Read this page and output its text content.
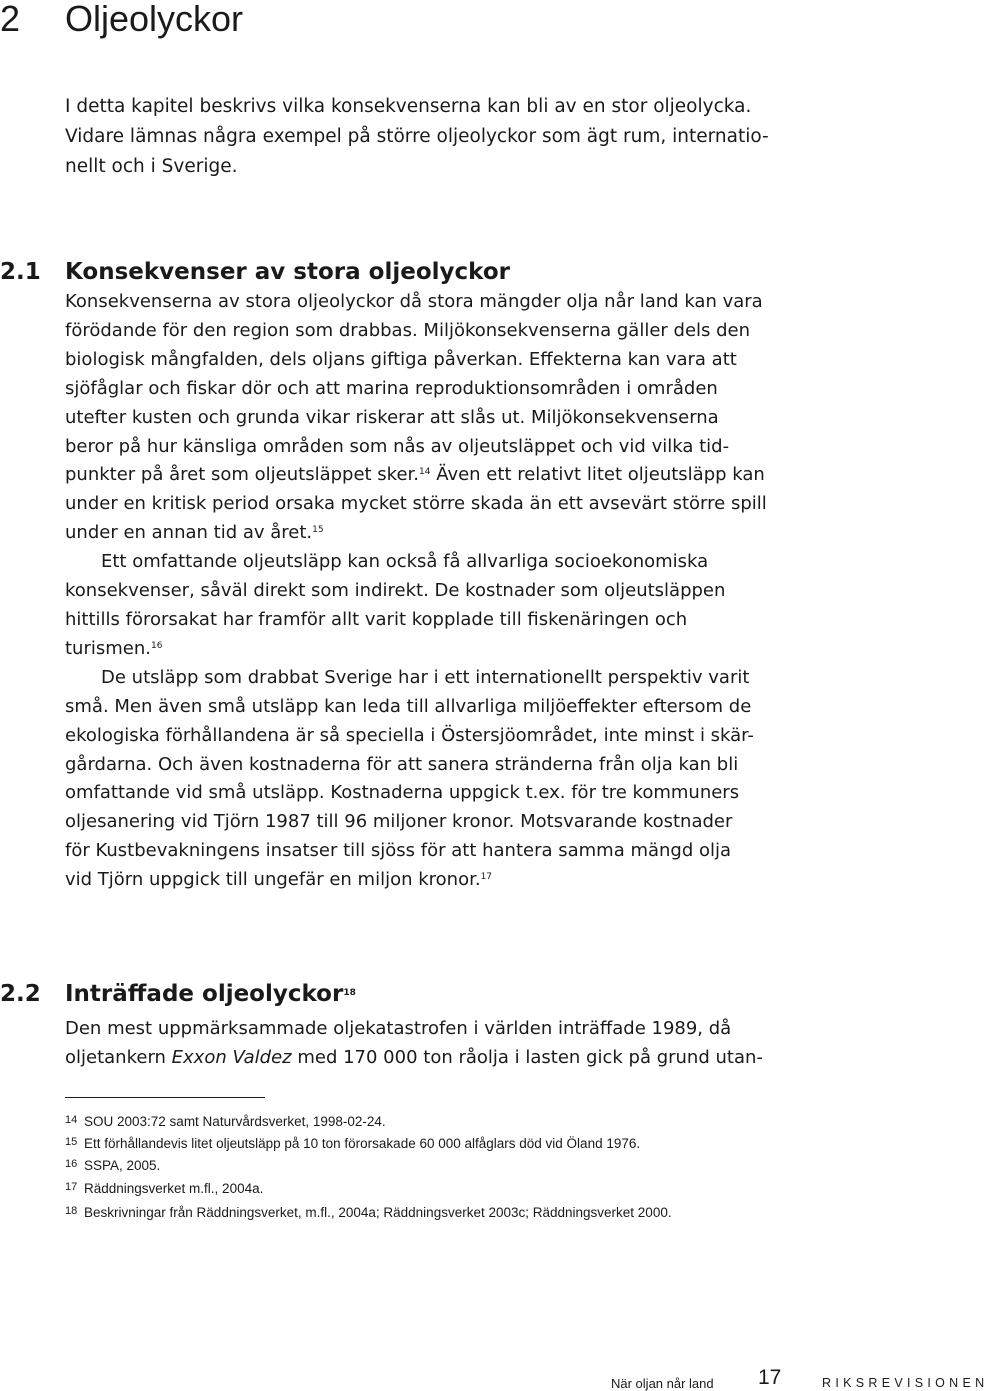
2 Oljeolyckor
I detta kapitel beskrivs vilka konsekvenserna kan bli av en stor oljeolycka.
Vidare lämnas några exempel på större oljeolyckor som ägt rum, internatio-
nellt och i Sverige.
2.1 Konsekvenser av stora oljeolyckor
Konsekvenserna av stora oljeolyckor då stora mängder olja når land kan vara
förödande för den region som drabbas. Miljökonsekvenserna gäller dels den
biologisk mångfalden, dels oljans giftiga påverkan. Effekterna kan vara att
sjöfåglar och fiskar dör och att marina reproduktionsområden i områden
utefter kusten och grunda vikar riskerar att slås ut. Miljökonsekvenserna
beror på hur känsliga områden som nås av oljeutsläppet och vid vilka tid-
punkter på året som oljeutsläppet sker.$^{14}$ Även ett relativt litet oljeutsläpp kan
under en kritisk period orsaka mycket större skada än ett avsevärt större spill
under en annan tid av året.$^{15}$
Ett omfattande oljeutsläpp kan också få allvarliga socioekonomiska
konsekvenser, såväl direkt som indirekt. De kostnader som oljeutsläppen
hittills förorsakat har framför allt varit kopplade till fiskenäringen och
turismen.$^{16}$
De utsläpp som drabbat Sverige har i ett internationellt perspektiv varit
små. Men även små utsläpp kan leda till allvarliga miljöeffekter eftersom de
ekologiska förhållandena är så speciella i Östersjöområdet, inte minst i skär-
gårdarna. Och även kostnaderna för att sanera stränderna från olja kan bli
omfattande vid små utsläpp. Kostnaderna uppgick t.ex. för tre kommuners
oljesanering vid Tjörn 1987 till 96 miljoner kronor. Motsvarande kostnader
för Kustbevakningens insatser till sjöss för att hantera samma mängd olja
vid Tjörn uppgick till ungefär en miljon kronor.$^{17}$
2.2 Inträffade oljeolyckor$^{18}$
Den mest uppmärksammade oljekatastrofen i världen inträffade 1989, då
oljetankern Exxon Valdez med 170 000 ton råolja i lasten gick på grund utan-
14 SOU 2003:72 samt Naturvårdsverket, 1998-02-24.
15 Ett förhållandevis litet oljeutsläpp på 10 ton förorsakade 60 000 alfåglars död vid Öland 1976.
16 SSPA, 2005.
17 Räddningsverket m.fl., 2004a.
18 Beskrivningar från Räddningsverket, m.fl., 2004a; Räddningsverket 2003c; Räddningsverket 2000.
När oljan når land 17	RIKSREVISIONEN
